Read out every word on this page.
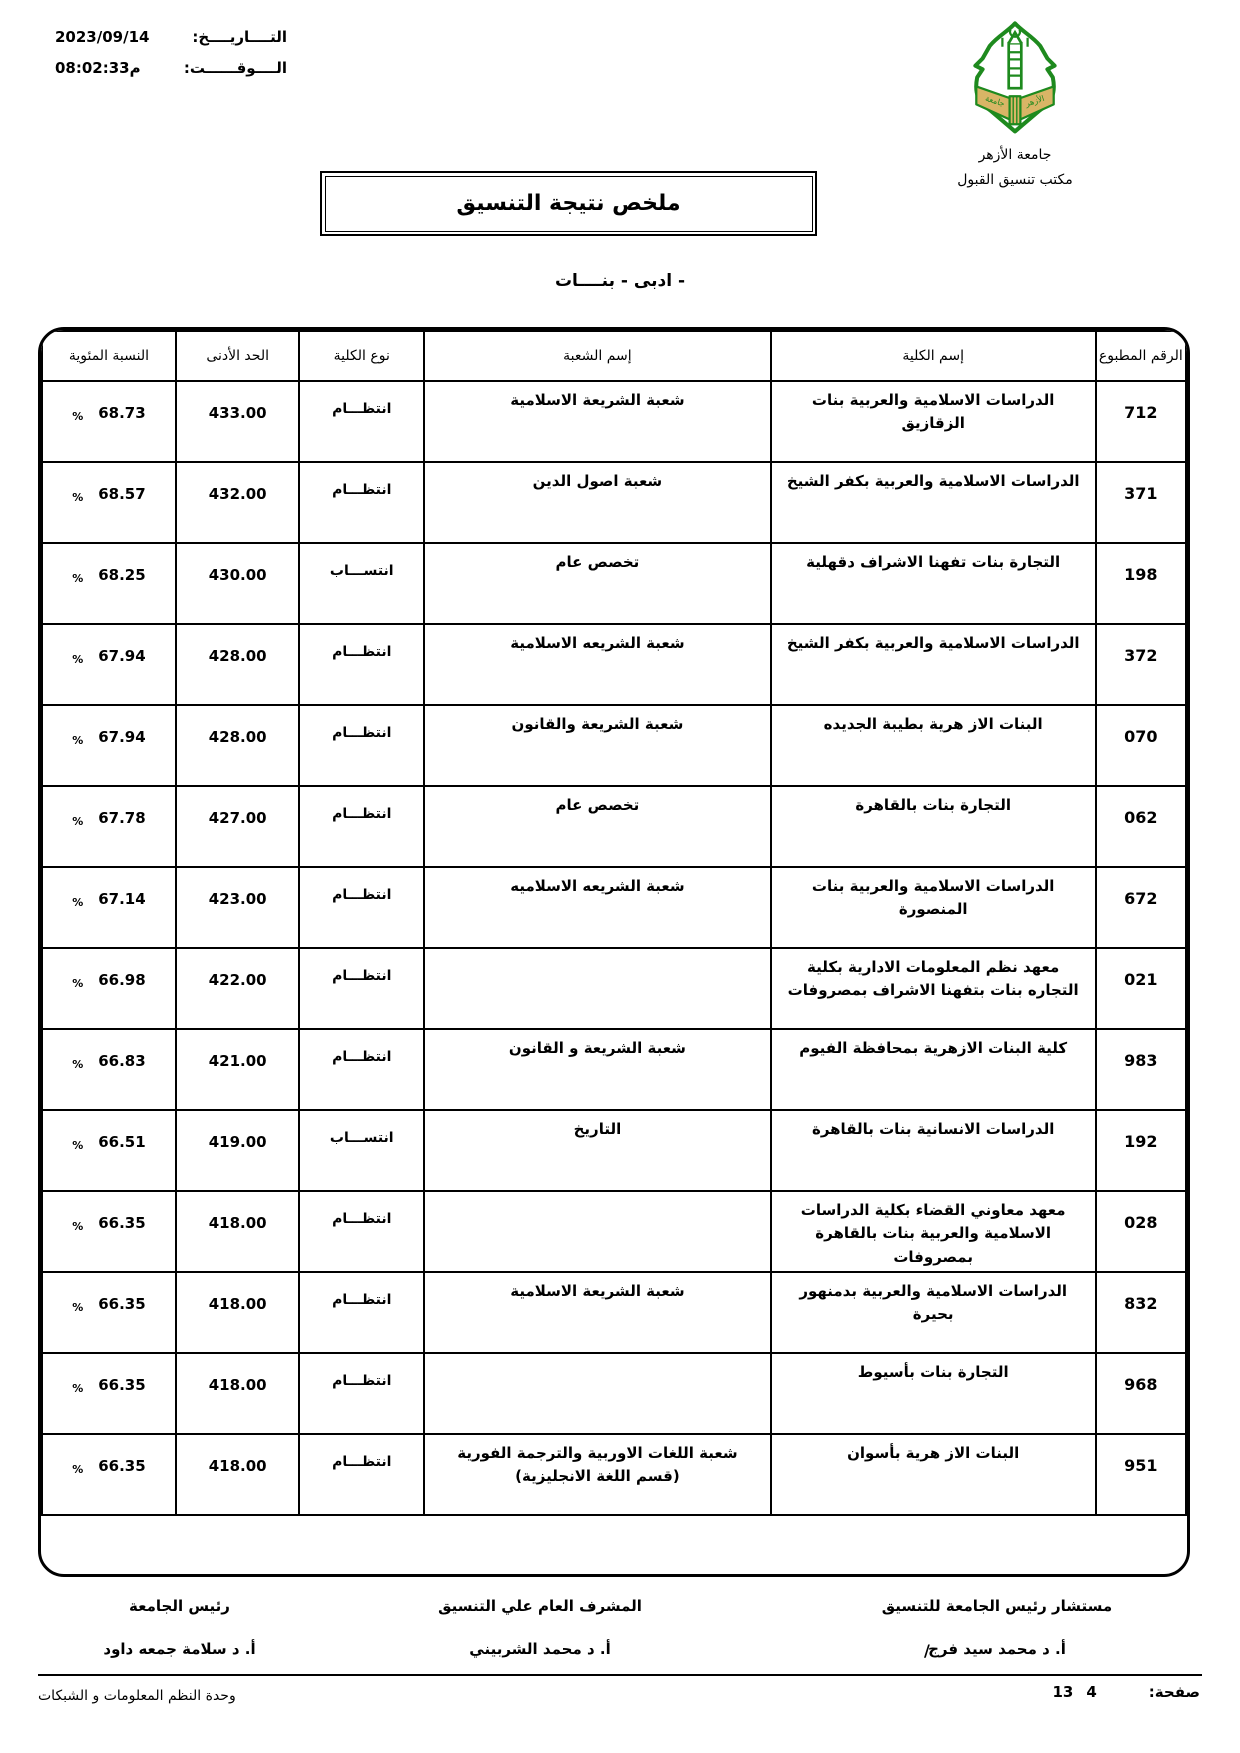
التــــاريــــخ:
2023/09/14
الــــوقــــــت:
م08:02:33
جامعة الأزهر
جامعة الأزهر
مكتب تنسيق القبول
ملخص نتيجة التنسيق
- ادبى - بنــــات
الرقم المطبوع	إسم الكلية	إسم الشعبة	نوع الكلية	الحد الأدنى	النسبة المئوية
712	الدراسات الاسلامية والعربية بنات الزقازيق	شعبة الشريعة الاسلامية	انتظـــام	433.00	68.73
%

371	الدراسات الاسلامية والعربية بكفر الشيخ	شعبة اصول الدين	انتظـــام	432.00	68.57
%

198	التجارة بنات تفهنا الاشراف دقهلية	تخصص عام	انتســـاب	430.00	68.25
%

372	الدراسات الاسلامية والعربية بكفر الشيخ	شعبة الشريعه الاسلامية	انتظـــام	428.00	67.94
%

070	البنات الاز هرية بطيبة الجديده	شعبة الشريعة والقانون	انتظـــام	428.00	67.94
%

062	التجارة بنات بالقاهرة	تخصص عام	انتظـــام	427.00	67.78
%

672	الدراسات الاسلامية والعربية بنات المنصورة	شعبة الشريعه الاسلاميه	انتظـــام	423.00	67.14
%

021	معهد نظم المعلومات الادارية بكلية التجاره بنات بتفهنا الاشراف بمصروفات		انتظـــام	422.00	66.98
%

983	كلية البنات الازهرية بمحافظة الفيوم	شعبة الشريعة و القانون	انتظـــام	421.00	66.83
%

192	الدراسات الانسانية بنات بالقاهرة	التاريخ	انتســـاب	419.00	66.51
%

028	معهد معاوني القضاء بكلية الدراسات الاسلامية والعربية بنات بالقاهرة بمصروفات		انتظـــام	418.00	66.35
%

832	الدراسات الاسلامية والعربية بدمنهور بحيرة	شعبة الشريعة الاسلامية	انتظـــام	418.00	66.35
%

968	التجارة بنات بأسيوط		انتظـــام	418.00	66.35
%

951	البنات الاز هرية بأسوان	شعبة اللغات الاوربية والترجمة الفورية (قسم اللغة الانجليزية)	انتظـــام	418.00	66.35
%

مستشار رئيس الجامعة للتنسيق
أ. د محمد سيد فرج
المشرف العام علي التنسيق
أ. د محمد الشربيني
رئيس الجامعة
أ. د سلامة جمعه داود	/
صفحة:
4
13
وحدة النظم المعلومات و الشبكات
